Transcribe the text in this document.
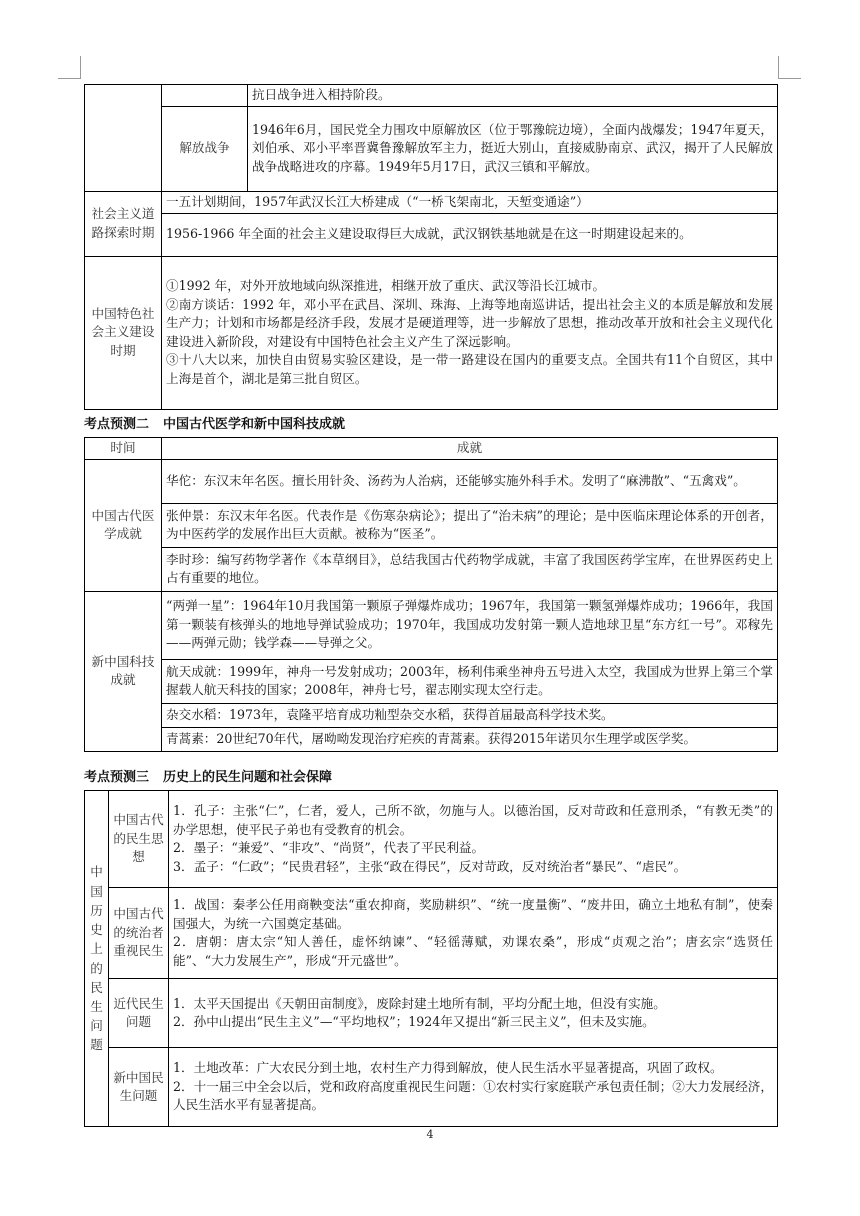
		抗日战争进入相持阶段。
	解放战争	1946年6月，国民党全力围攻中原解放区（位于鄂豫皖边境），全面内战爆发；1947年夏天，刘伯承、邓小平率晋冀鲁豫解放军主力，挺近大别山，直接威胁南京、武汉，揭开了人民解放战争战略进攻的序幕。1949年5月17日，武汉三镇和平解放。
社会主义道路探索时期	一五计划期间，1957年武汉长江大桥建成（“一桥飞架南北，天堑变通途”）	
	1956-1966 年全面的社会主义建设取得巨大成就，武汉钢铁基地就是在这一时期建设起来的。	
中国特色社会主义建设时期	①1992 年，对外开放地域向纵深推进，相继开放了重庆、武汉等沿长江城市。
②南方谈话：1992 年，邓小平在武昌、深圳、珠海、上海等地南巡讲话，提出社会主义的本质是解放和发展生产力；计划和市场都是经济手段，发展才是硬道理等，进一步解放了思想，推动改革开放和社会主义现代化建设进入新阶段，对建设有中国特色社会主义产生了深远影响。
③十八大以来，加快自由贸易实验区建设，是一带一路建设在国内的重要支点。全国共有11个自贸区，其中上海是首个，湖北是第三批自贸区。	
考点预测二 中国古代医学和新中国科技成就
时间	成就
中国古代医学成就	华佗：东汉末年名医。擅长用针灸、汤药为人治病，还能够实施外科手术。发明了“麻沸散”、“五禽戏”。
	张仲景：东汉末年名医。代表作是《伤寒杂病论》；提出了“治未病”的理论；是中医临床理论体系的开创者，为中医药学的发展作出巨大贡献。被称为“医圣”。
	李时珍：编写药物学著作《本草纲目》，总结我国古代药物学成就，丰富了我国医药学宝库，在世界医药史上占有重要的地位。
新中国科技成就	“两弹一星”：1964年10月我国第一颗原子弹爆炸成功；1967年，我国第一颗氢弹爆炸成功；1966年，我国第一颗装有核弹头的地地导弹试验成功；1970年，我国成功发射第一颗人造地球卫星“东方红一号”。邓稼先——两弹元勋；钱学森——导弹之父。
	航天成就：1999年，神舟一号发射成功；2003年，杨利伟乘坐神舟五号进入太空，我国成为世界上第三个掌握载人航天科技的国家；2008年，神舟七号，翟志刚实现太空行走。
	杂交水稻：1973年，袁隆平培育成功籼型杂交水稻，获得首届最高科学技术奖。
	青蒿素：20世纪70年代，屠呦呦发现治疗疟疾的青蒿素。获得2015年诺贝尔生理学或医学奖。
考点预测三 历史上的民生问题和社会保障
中国历史上的民生问题	中国古代的民生思想	1．孔子：主张“仁”，仁者，爱人，己所不欲，勿施与人。以德治国，反对苛政和任意刑杀，“有教无类”的办学思想，使平民子弟也有受教育的机会。
2．墨子：“兼爱”、“非攻”、“尚贤”，代表了平民利益。
3．孟子：“仁政”；“民贵君轻”，主张“政在得民”，反对苛政，反对统治者“暴民”、“虐民”。

	中国古代的统治者重视民生	1．战国：秦孝公任用商鞅变法“重农抑商，奖励耕织”、“统一度量衡”、“废井田，确立土地私有制”，使秦国强大，为统一六国奠定基础。
2．唐朝：唐太宗“知人善任，虚怀纳谏”、“轻徭薄赋，劝课农桑”，形成“贞观之治”；唐玄宗“选贤任能”、“大力发展生产”，形成“开元盛世”。

	近代民生问题	1．太平天国提出《天朝田亩制度》，废除封建土地所有制，平均分配土地，但没有实施。
2．孙中山提出“民生主义”—“平均地权”；1924年又提出“新三民主义”，但未及实施。

	新中国民生问题	1．土地改革：广大农民分到土地，农村生产力得到解放，使人民生活水平显著提高，巩固了政权。
2．十一届三中全会以后，党和政府高度重视民生问题：①农村实行家庭联产承包责任制；②大力发展经济，人民生活水平有显著提高。
4
